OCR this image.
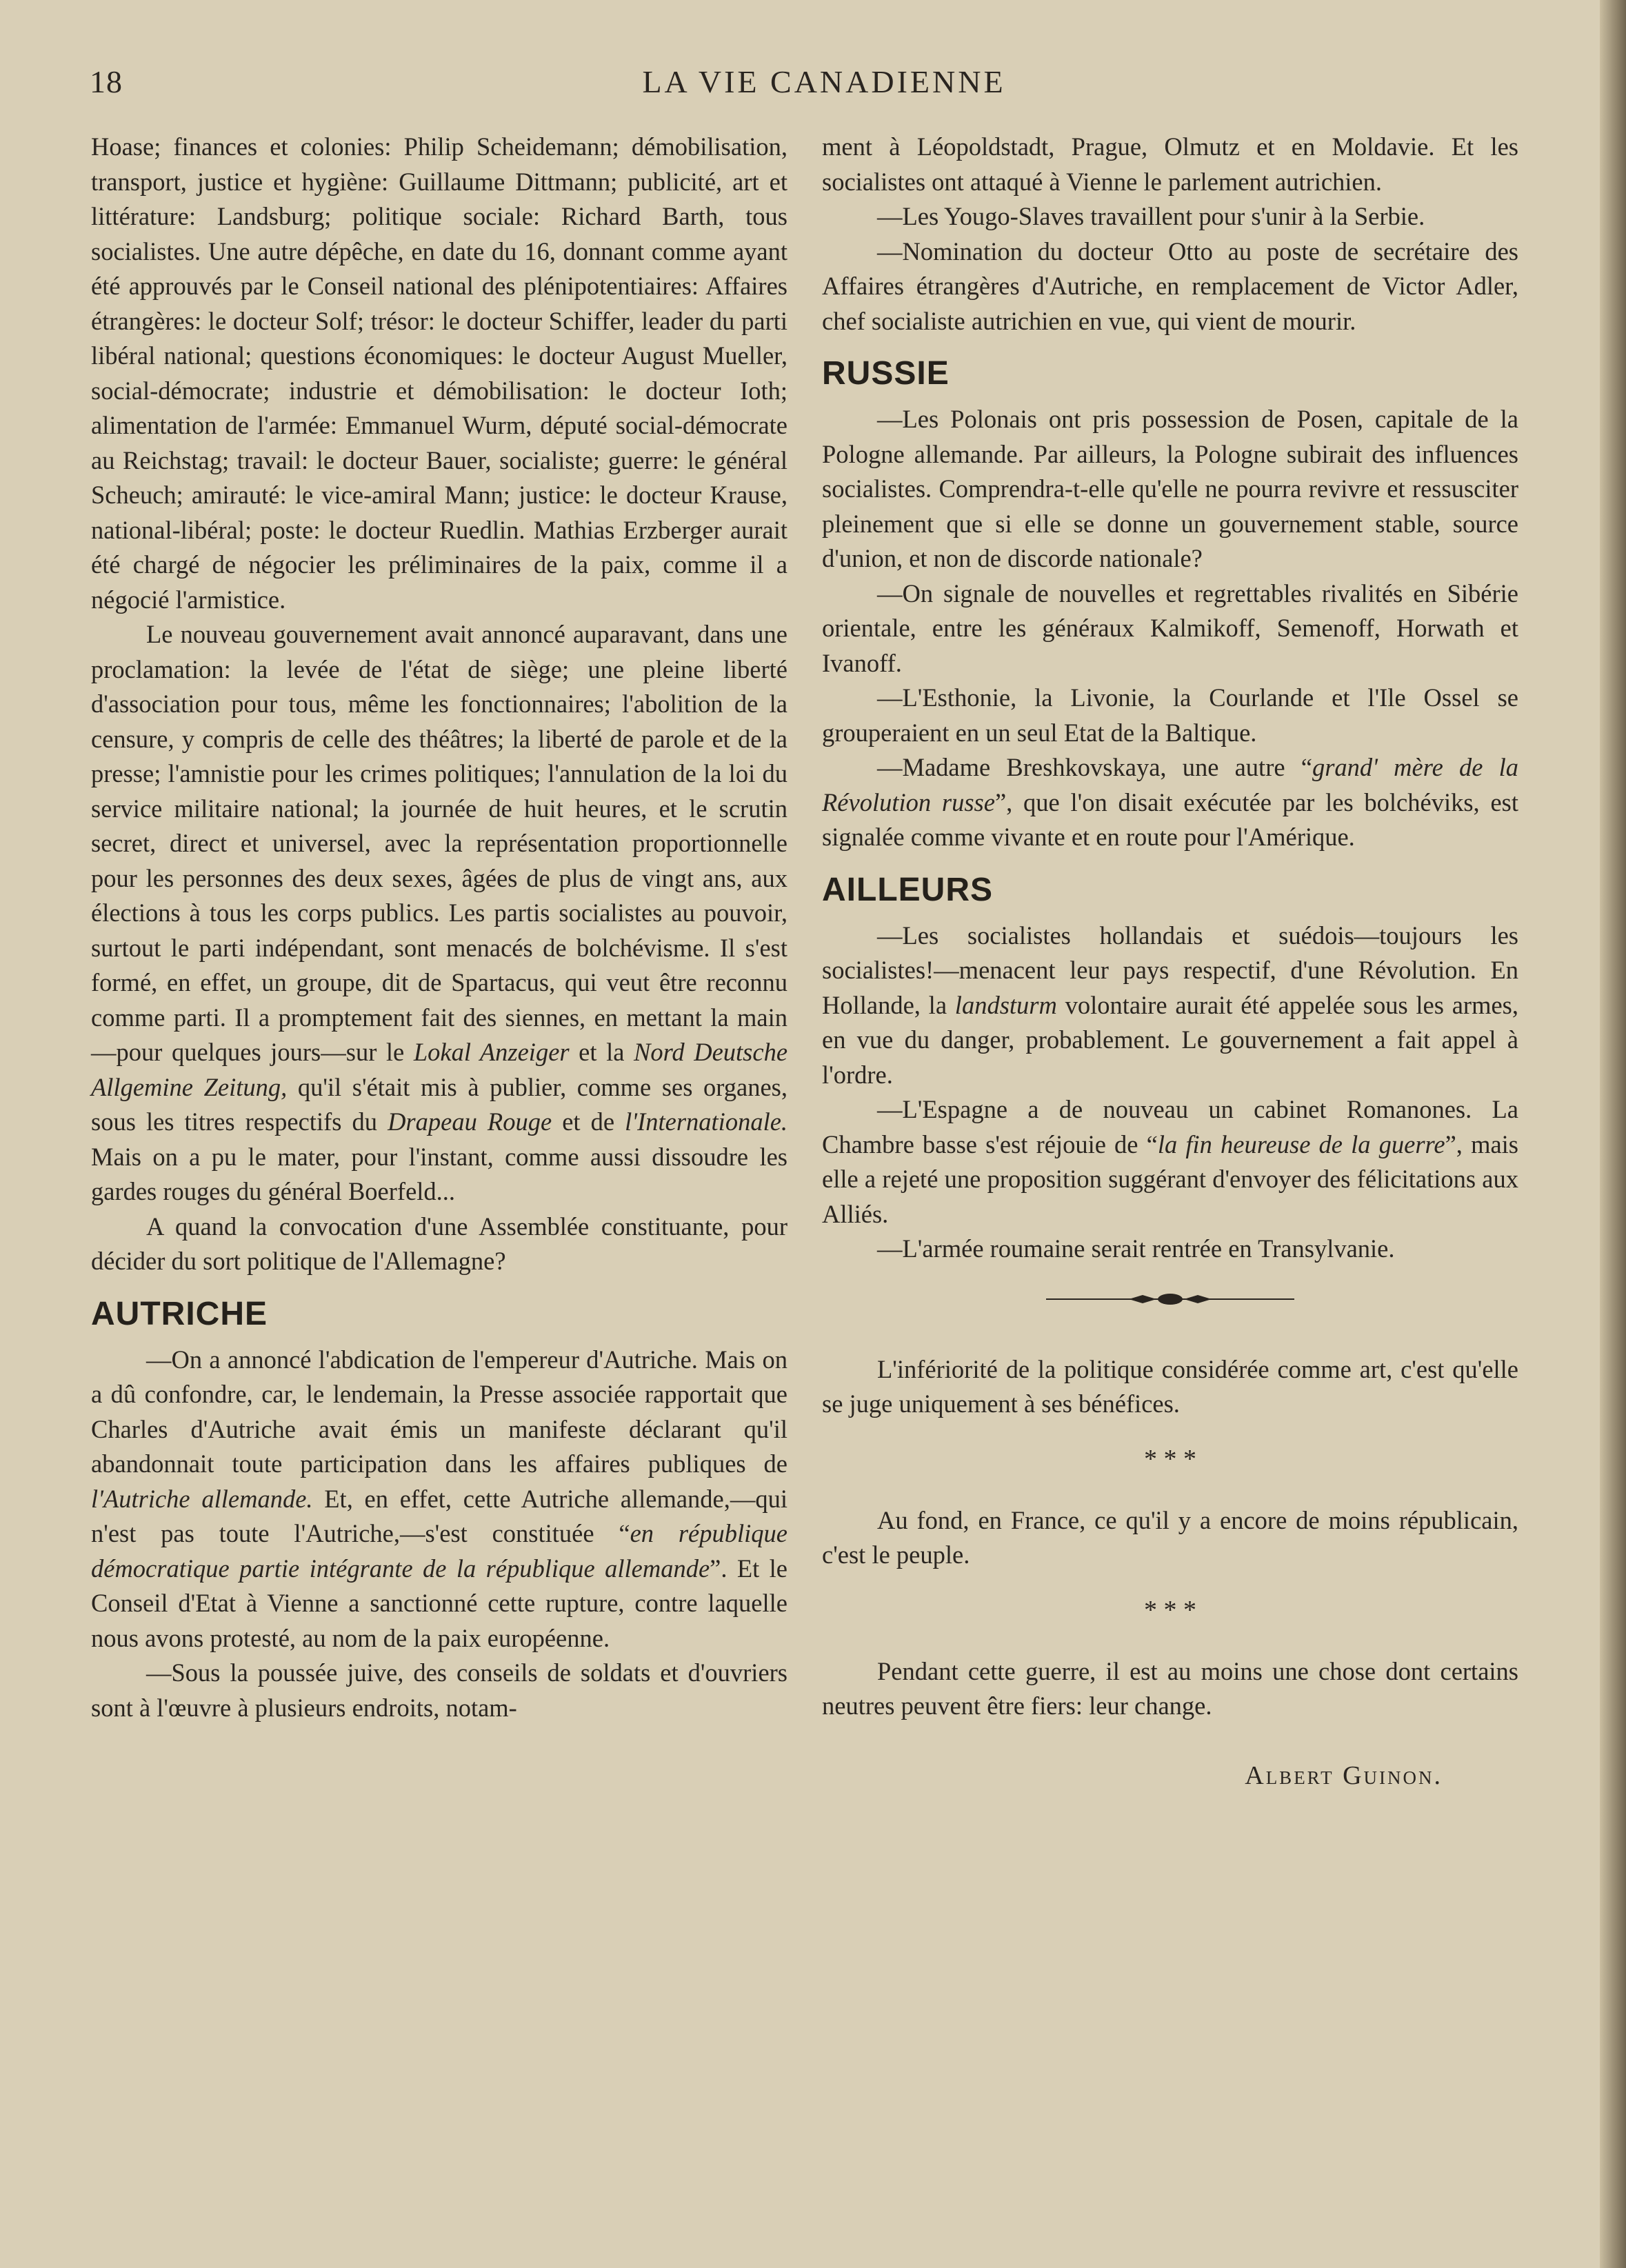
18	LA VIE CANADIENNE

Hoase; finances et colonies: Philip Scheidemann; démobilisation, transport, justice et hygiène: Guillaume Dittmann; publicité, art et littérature: Landsburg; politique sociale: Richard Barth, tous socialistes. Une autre dépêche, en date du 16, donnant comme ayant été approuvés par le Conseil national des plénipotentiaires: Affaires étrangères: le docteur Solf; trésor: le docteur Schiffer, leader du parti libéral national; questions économiques: le docteur August Mueller, social-démocrate; industrie et démobilisation: le docteur Ioth; alimentation de l'armée: Emmanuel Wurm, député social-démocrate au Reichstag; travail: le docteur Bauer, socialiste; guerre: le général Scheuch; amirauté: le vice-amiral Mann; justice: le docteur Krause, national-libéral; poste: le docteur Ruedlin. Mathias Erzberger aurait été chargé de négocier les préliminaires de la paix, comme il a négocié l'armistice.

Le nouveau gouvernement avait annoncé auparavant, dans une proclamation: la levée de l'état de siège; une pleine liberté d'association pour tous, même les fonctionnaires; l'abolition de la censure, y compris de celle des théâtres; la liberté de parole et de la presse; l'amnistie pour les crimes politiques; l'annulation de la loi du service militaire national; la journée de huit heures, et le scrutin secret, direct et universel, avec la représentation proportionnelle pour les personnes des deux sexes, âgées de plus de vingt ans, aux élections à tous les corps publics. Les partis socialistes au pouvoir, surtout le parti indépendant, sont menacés de bolchévisme. Il s'est formé, en effet, un groupe, dit de Spartacus, qui veut être reconnu comme parti. Il a promptement fait des siennes, en mettant la main—pour quelques jours—sur le Lokal Anzeiger et la Nord Deutsche Allgemine Zeitung, qu'il s'était mis à publier, comme ses organes, sous les titres respectifs du Drapeau Rouge et de l'Internationale. Mais on a pu le mater, pour l'instant, comme aussi dissoudre les gardes rouges du général Boerfeld...

A quand la convocation d'une Assemblée constituante, pour décider du sort politique de l'Allemagne?

AUTRICHE

—On a annoncé l'abdication de l'empereur d'Autriche. Mais on a dû confondre, car, le lendemain, la Presse associée rapportait que Charles d'Autriche avait émis un manifeste déclarant qu'il abandonnait toute participation dans les affaires publiques de l'Autriche allemande. Et, en effet, cette Autriche allemande,—qui n'est pas toute l'Autriche,—s'est constituée “en république démocratique partie intégrante de la république allemande”. Et le Conseil d'Etat à Vienne a sanctionné cette rupture, contre laquelle nous avons protesté, au nom de la paix européenne.

—Sous la poussée juive, des conseils de soldats et d'ouvriers sont à l'œuvre à plusieurs endroits, notam-

ment à Léopoldstadt, Prague, Olmutz et en Moldavie. Et les socialistes ont attaqué à Vienne le parlement autrichien.

—Les Yougo-Slaves travaillent pour s'unir à la Serbie.

—Nomination du docteur Otto au poste de secrétaire des Affaires étrangères d'Autriche, en remplacement de Victor Adler, chef socialiste autrichien en vue, qui vient de mourir.

RUSSIE

—Les Polonais ont pris possession de Posen, capitale de la Pologne allemande. Par ailleurs, la Pologne subirait des influences socialistes. Comprendra-t-elle qu'elle ne pourra revivre et ressusciter pleinement que si elle se donne un gouvernement stable, source d'union, et non de discorde nationale?

—On signale de nouvelles et regrettables rivalités en Sibérie orientale, entre les généraux Kalmikoff, Semenoff, Horwath et Ivanoff.

—L'Esthonie, la Livonie, la Courlande et l'Ile Ossel se grouperaient en un seul Etat de la Baltique.

—Madame Breshkovskaya, une autre “grand' mère de la Révolution russe”, que l'on disait exécutée par les bolchéviks, est signalée comme vivante et en route pour l'Amérique.

AILLEURS

—Les socialistes hollandais et suédois—toujours les socialistes!—menacent leur pays respectif, d'une Révolution. En Hollande, la landsturm volontaire aurait été appelée sous les armes, en vue du danger, probablement. Le gouvernement a fait appel à l'ordre.

—L'Espagne a de nouveau un cabinet Romanones. La Chambre basse s'est réjouie de “la fin heureuse de la guerre”, mais elle a rejeté une proposition suggérant d'envoyer des félicitations aux Alliés.

—L'armée roumaine serait rentrée en Transylvanie.

L'infériorité de la politique considérée comme art, c'est qu'elle se juge uniquement à ses bénéfices.

* * *

Au fond, en France, ce qu'il y a encore de moins républicain, c'est le peuple.

* * *

Pendant cette guerre, il est au moins une chose dont certains neutres peuvent être fiers: leur change.

Albert Guinon.
